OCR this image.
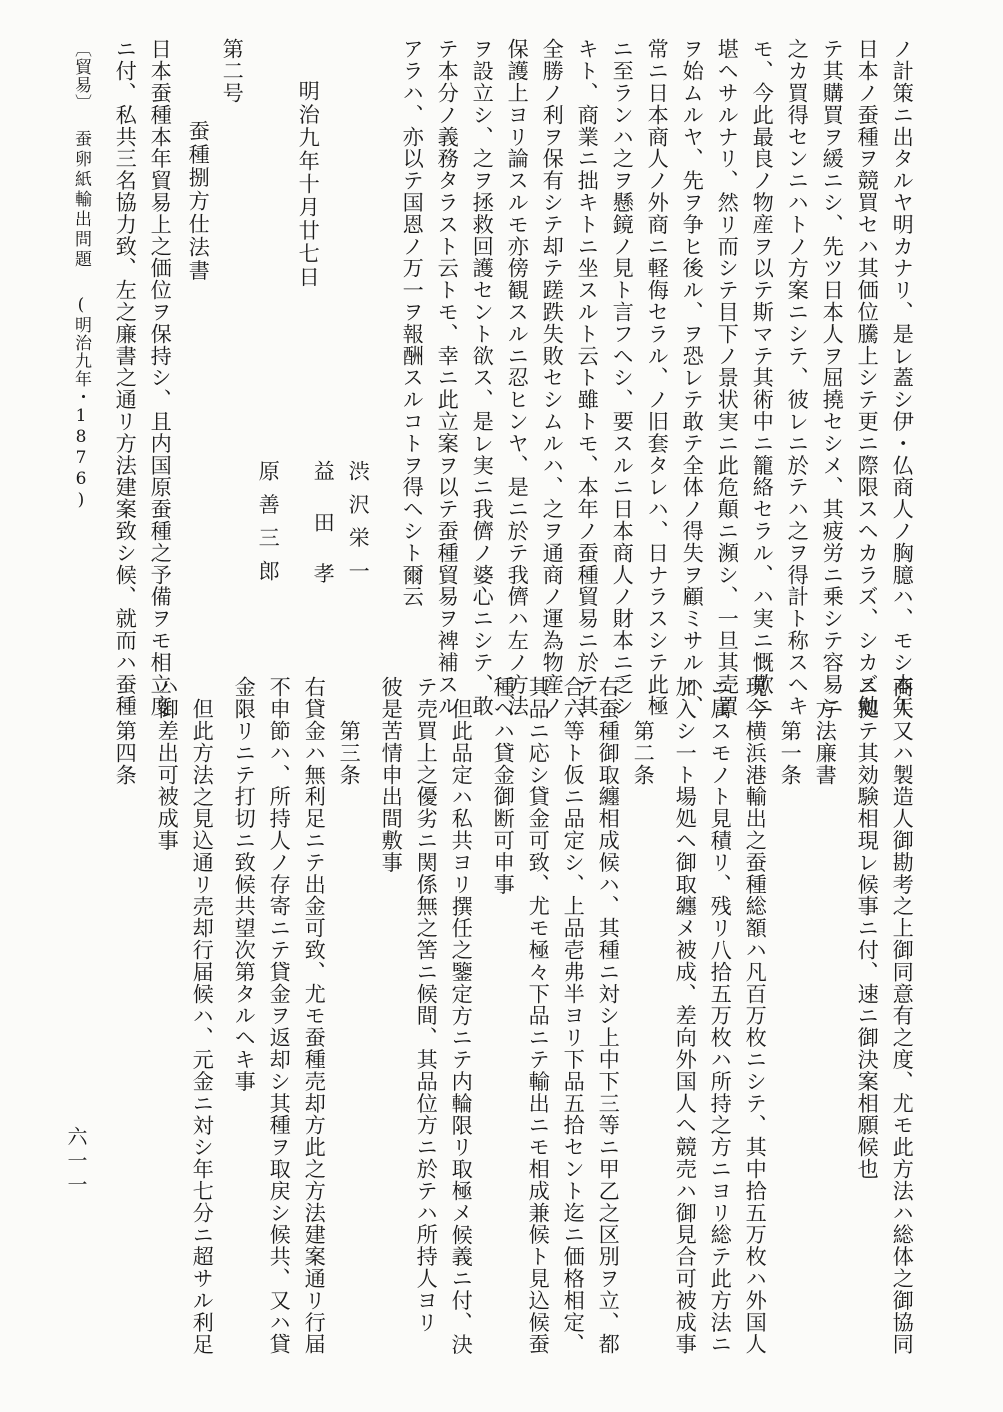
ノ計策ニ出タルヤ明カナリ、是レ蓋シ伊・仏商人ノ胸臆ハ、モシ本年
日本ノ蚕種ヲ競買セハ其価位騰上シテ更ニ際限スヘカラズ、シカズ勉
テ其購買ヲ緩ニシ、先ツ日本人ヲ屈撓セシメ、其疲労ニ乗シテ容易ニ
之カ買得センニハトノ方案ニシテ、彼レニ於テハ之ヲ得計ト称スヘキ
モ、今此最良ノ物産ヲ以テ斯マテ其術中ニ籠絡セラル、ハ実ニ慨歎ニ
堪ヘサルナリ、然リ而シテ目下ノ景状実ニ此危顛ニ瀕シ、一旦其売買
ヲ始ムルヤ、先ヲ争ヒ後ル、ヲ恐レテ敢テ全体ノ得失ヲ顧ミサルハ、
常ニ日本商人ノ外商ニ軽侮セラル、ノ旧套タレハ、日ナラスシテ此極
ニ至ランハ之ヲ懸鏡ノ見ト言フヘシ、要スルニ日本商人ノ財本ニ乏シ
キト、商業ニ拙キトニ坐スルト云ト雖トモ、本年ノ蚕種貿易ニ於テ其
全勝ノ利ヲ保有シテ却テ蹉跌失敗セシムルハ、之ヲ通商ノ運為物産ノ
保護上ヨリ論スルモ亦傍観スルニ忍ヒンヤ、是ニ於テ我儕ハ左ノ方法
ヲ設立シ、之ヲ拯救回護セント欲ス、是レ実ニ我儕ノ婆心ニシテ、敢
テ本分ノ義務タラスト云トモ、幸ニ此立案ヲ以テ蚕種貿易ヲ裨補スル
アラハ、亦以テ国恩ノ万一ヲ報酬スルコトヲ得ヘシト爾云
渋沢栄一
益田孝
明治九年十月廿七日
原善三郎
第二号
蚕種捌方仕法書
日本蚕種本年貿易上之価位ヲ保持シ、且内国原蚕種之予備ヲモ相立度
ニ付、私共三名協力致、左之廉書之通リ方法建案致シ候、就而ハ蚕種
〔貿易〕
蚕卵紙輸出問題
(明治九年・1876)
商人又ハ製造人御勘考之上御同意有之度、尤モ此方法ハ総体之御協同
ニ拠テ其効験相現レ候事ニ付、速ニ御決案相願候也
方法廉書
第一条
現今横浜港輸出之蚕種総額ハ凡百万枚ニシテ、其中拾五万枚ハ外国人
ニ属スモノト見積リ、残リ八拾五万枚ハ所持之方ニヨリ総テ此方法ニ
加入シ一ト場処ヘ御取纏メ被成、差向外国人ヘ競売ハ御見合可被成事
第二条
右蚕種御取纏相成候ハ、其種ニ対シ上中下三等ニ甲乙之区別ヲ立、都
合六等ト仮ニ品定シ、上品壱弗半ヨリ下品五拾セント迄ニ価格相定、
其品ニ応シ貸金可致、尤モ極々下品ニテ輸出ニモ相成兼候ト見込候蚕
種ヘハ貸金御断可申事
但此品定ハ私共ヨリ撰任之鑒定方ニテ内輪限リ取極メ候義ニ付、決
テ売買上之優劣ニ関係無之筈ニ候間、其品位方ニ於テハ所持人ヨリ
彼是苦情申出間敷事
第三条
右貸金ハ無利足ニテ出金可致、尤モ蚕種売却方此之方法建案通リ行届
不申節ハ、所持人ノ存寄ニテ貸金ヲ返却シ其種ヲ取戻シ候共、又ハ貸
金限リニテ打切ニ致候共望次第タルヘキ事
但此方法之見込通リ売却行届候ハ、元金ニ対シ年七分ニ超サル利足
ハ御差出可被成事
第四条
六一一
